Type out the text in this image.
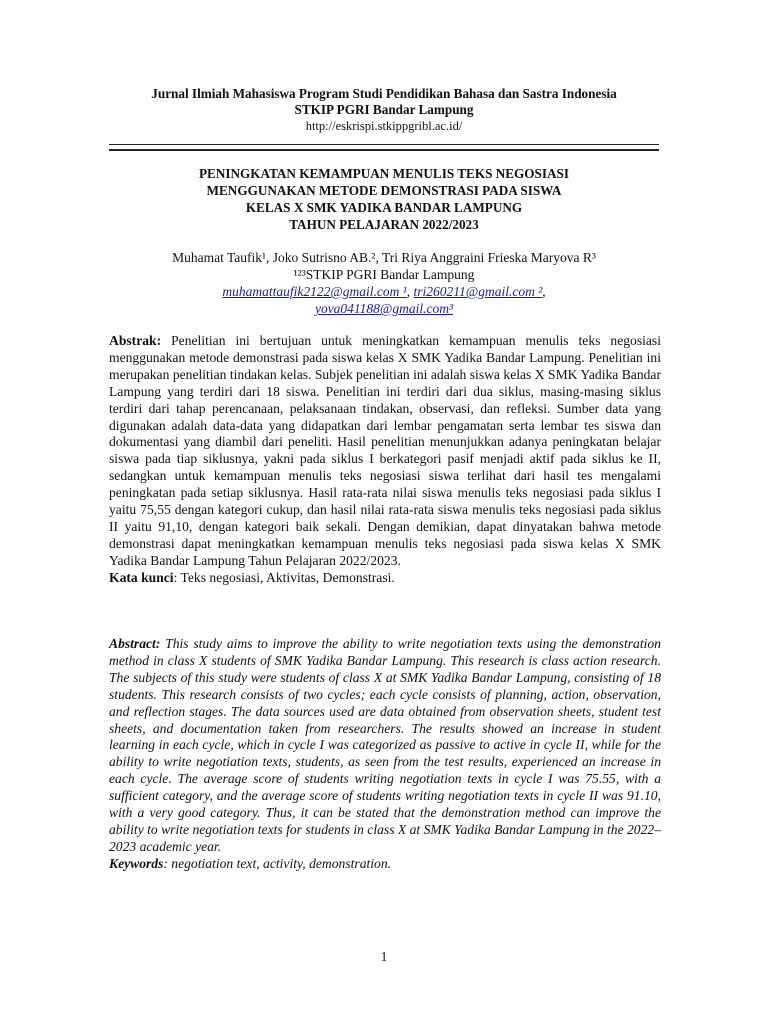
Jurnal Ilmiah Mahasiswa Program Studi Pendidikan Bahasa dan Sastra Indonesia
STKIP PGRI Bandar Lampung
http://eskrispi.stkippgribl.ac.id/
PENINGKATAN KEMAMPUAN MENULIS TEKS NEGOSIASI
MENGGUNAKAN METODE DEMONSTRASI PADA SISWA
KELAS X SMK YADIKA BANDAR LAMPUNG
TAHUN PELAJARAN 2022/2023
Muhamat Taufik¹, Joko Sutrisno AB.², Tri Riya Anggraini Frieska Maryova R³
¹²³STKIP PGRI Bandar Lampung
muhamattaufik2122@gmail.com ¹, tri260211@gmail.com ²,
yova041188@gmail.com³
Abstrak: Penelitian ini bertujuan untuk meningkatkan kemampuan menulis teks negosiasi menggunakan metode demonstrasi pada siswa kelas X SMK Yadika Bandar Lampung. Penelitian ini merupakan penelitian tindakan kelas. Subjek penelitian ini adalah siswa kelas X SMK Yadika Bandar Lampung yang terdiri dari 18 siswa. Penelitian ini terdiri dari dua siklus, masing-masing siklus terdiri dari tahap perencanaan, pelaksanaan tindakan, observasi, dan refleksi. Sumber data yang digunakan adalah data-data yang didapatkan dari lembar pengamatan serta lembar tes siswa dan dokumentasi yang diambil dari peneliti. Hasil penelitian menunjukkan adanya peningkatan belajar siswa pada tiap siklusnya, yakni pada siklus I berkategori pasif menjadi aktif pada siklus ke II, sedangkan untuk kemampuan menulis teks negosiasi siswa terlihat dari hasil tes mengalami peningkatan pada setiap siklusnya. Hasil rata-rata nilai siswa menulis teks negosiasi pada siklus I yaitu 75,55 dengan kategori cukup, dan hasil nilai rata-rata siswa menulis teks negosiasi pada siklus II yaitu 91,10, dengan kategori baik sekali. Dengan demikian, dapat dinyatakan bahwa metode demonstrasi dapat meningkatkan kemampuan menulis teks negosiasi pada siswa kelas X SMK Yadika Bandar Lampung Tahun Pelajaran 2022/2023.
Kata kunci: Teks negosiasi, Aktivitas, Demonstrasi.
Abstract: This study aims to improve the ability to write negotiation texts using the demonstration method in class X students of SMK Yadika Bandar Lampung. This research is class action research. The subjects of this study were students of class X at SMK Yadika Bandar Lampung, consisting of 18 students. This research consists of two cycles; each cycle consists of planning, action, observation, and reflection stages. The data sources used are data obtained from observation sheets, student test sheets, and documentation taken from researchers. The results showed an increase in student learning in each cycle, which in cycle I was categorized as passive to active in cycle II, while for the ability to write negotiation texts, students, as seen from the test results, experienced an increase in each cycle. The average score of students writing negotiation texts in cycle I was 75.55, with a sufficient category, and the average score of students writing negotiation texts in cycle II was 91.10, with a very good category. Thus, it can be stated that the demonstration method can improve the ability to write negotiation texts for students in class X at SMK Yadika Bandar Lampung in the 2022–2023 academic year.
Keywords: negotiation text, activity, demonstration.
1
